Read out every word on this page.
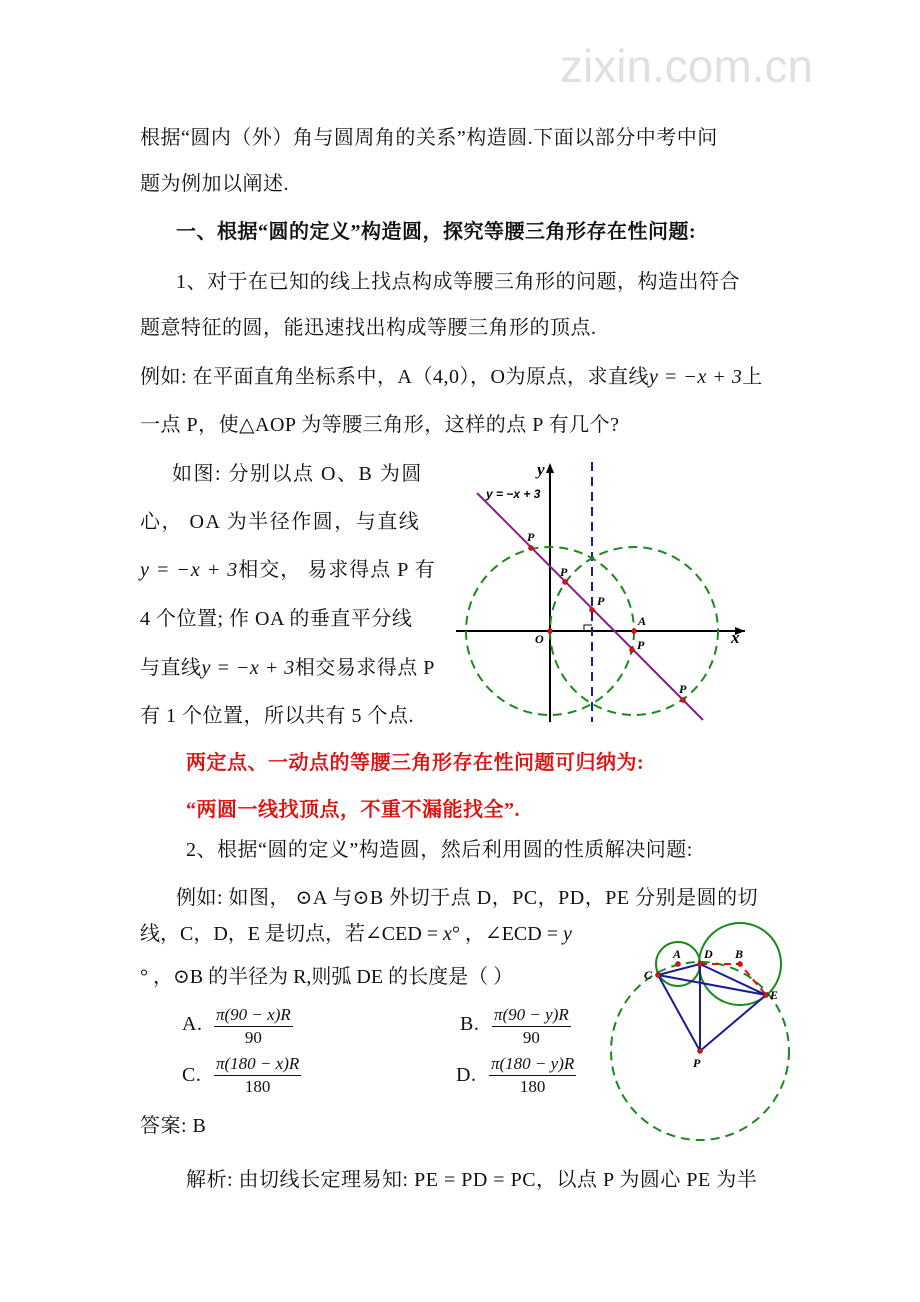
zixin.com.cn
根据“圆内（外）角与圆周角的关系”构造圆.下面以部分中考中问
题为例加以阐述.
一、根据“圆的定义”构造圆，探究等腰三角形存在性问题:
1、对于在已知的线上找点构成等腰三角形的问题，构造出符合
题意特征的圆，能迅速找出构成等腰三角形的顶点.
例如: 在平面直角坐标系中，A（4,0），O为原点，求直线y = −x + 3上
一点 P，使△AOP 为等腰三角形，这样的点 P 有几个?
如图: 分别以点 O、B 为圆
心， OA 为半径作圆，与直线
y = −x + 3相交， 易求得点 P 有
4 个位置; 作 OA 的垂直平分线
与直线y = −x + 3相交易求得点 P
有 1 个位置，所以共有 5 个点.
y = −x + 3
y
x
O
A
P
P
P
P
P
两定点、一动点的等腰三角形存在性问题可归纳为:
“两圆一线找顶点，不重不漏能找全”.
2、根据“圆的定义”构造圆，然后利用圆的性质解决问题:
例如: 如图， ⊙A 与⊙B 外切于点 D，PC，PD，PE 分别是圆的切
线，C，D，E 是切点，若∠CED = x° ，∠ECD = y
° ，⊙B 的半径为 R,则弧 DE 的长度是（ ）
A. $\frac{\pi(90 - x)R}{90}$	B. $\frac{\pi(90 - y)R}{90}$
C. $\frac{\pi(180 - x)R}{180}$	D. $\frac{\pi(180 - y)R}{180}$
答案: B
解析: 由切线长定理易知: PE = PD = PC，以点 P 为圆心 PE 为半
A D B
C
E
P
